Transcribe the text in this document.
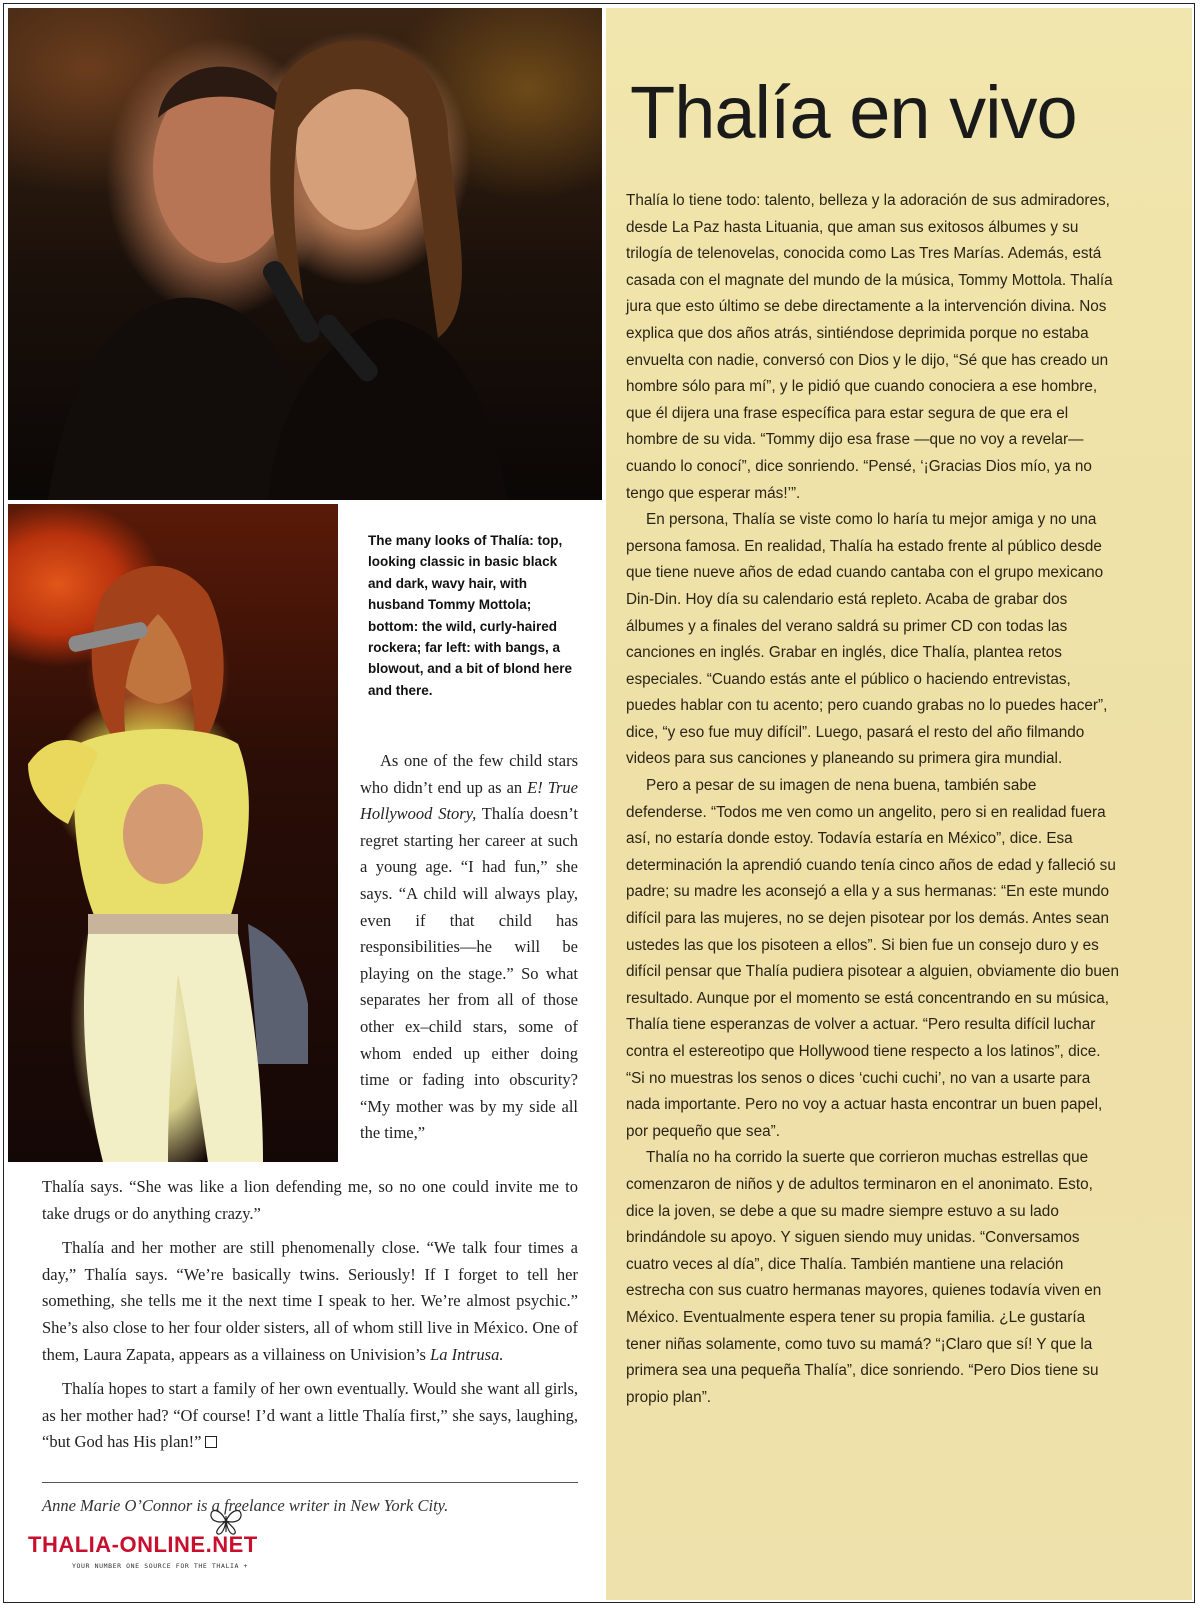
The many looks of Thalía: top, looking classic in basic black and dark, wavy hair, with husband Tommy Mottola; bottom: the wild, curly-haired rockera; far left: with bangs, a blowout, and a bit of blond here and there.
As one of the few child stars who didn’t end up as an E! True Hollywood Story, Thalía doesn’t regret starting her career at such a young age. “I had fun,” she says. “A child will always play, even if that child has responsibilities—he will be playing on the stage.” So what separates her from all of those other ex–child stars, some of whom ended up either doing time or fading into obscurity? “My mother was by my side all the time,”

Thalía says. “She was like a lion defending me, so no one could invite me to take drugs or do anything crazy.”

Thalía and her mother are still phenomenally close. “We talk four times a day,” Thalía says. “We’re basically twins. Seriously! If I forget to tell her something, she tells me it the next time I speak to her. We’re almost psychic.” She’s also close to her four older sisters, all of whom still live in México. One of them, Laura Zapata, appears as a villainess on Univision’s La Intrusa.

Thalía hopes to start a family of her own eventually. Would she want all girls, as her mother had? “Of course! I’d want a little Thalía first,” she says, laughing, “but God has His plan!”

Anne Marie O’Connor is a freelance writer in New York City.
THALIA-ONLINE.NET
YOUR NUMBER ONE SOURCE FOR THE THALIA +
Thalía en vivo

Thalía lo tiene todo: talento, belleza y la adoración de sus admiradores, desde La Paz hasta Lituania, que aman sus exitosos álbumes y su trilogía de telenovelas, conocida como Las Tres Marías. Además, está casada con el magnate del mundo de la música, Tommy Mottola. Thalía jura que esto último se debe directamente a la intervención divina. Nos explica que dos años atrás, sintiéndose deprimida porque no estaba envuelta con nadie, conversó con Dios y le dijo, “Sé que has creado un hombre sólo para mí”, y le pidió que cuando conociera a ese hombre, que él dijera una frase específica para estar segura de que era el hombre de su vida. “Tommy dijo esa frase —que no voy a revelar— cuando lo conocí”, dice sonriendo. “Pensé, ‘¡Gracias Dios mío, ya no tengo que esperar más!’”.

En persona, Thalía se viste como lo haría tu mejor amiga y no una persona famosa. En realidad, Thalía ha estado frente al público desde que tiene nueve años de edad cuando cantaba con el grupo mexicano Din-Din. Hoy día su calendario está repleto. Acaba de grabar dos álbumes y a finales del verano saldrá su primer CD con todas las canciones en inglés. Grabar en inglés, dice Thalía, plantea retos especiales. “Cuando estás ante el público o haciendo entrevistas, puedes hablar con tu acento; pero cuando grabas no lo puedes hacer”, dice, “y eso fue muy difícil”. Luego, pasará el resto del año filmando videos para sus canciones y planeando su primera gira mundial.

Pero a pesar de su imagen de nena buena, también sabe defenderse. “Todos me ven como un angelito, pero si en realidad fuera así, no estaría donde estoy. Todavía estaría en México”, dice. Esa determinación la aprendió cuando tenía cinco años de edad y falleció su padre; su madre les aconsejó a ella y a sus hermanas: “En este mundo difícil para las mujeres, no se dejen pisotear por los demás. Antes sean ustedes las que los pisoteen a ellos”. Si bien fue un consejo duro y es difícil pensar que Thalía pudiera pisotear a alguien, obviamente dio buen resultado. Aunque por el momento se está concentrando en su música, Thalía tiene esperanzas de volver a actuar. “Pero resulta difícil luchar contra el estereotipo que Hollywood tiene respecto a los latinos”, dice. “Si no muestras los senos o dices ‘cuchi cuchi’, no van a usarte para nada importante. Pero no voy a actuar hasta encontrar un buen papel, por pequeño que sea”.

Thalía no ha corrido la suerte que corrieron muchas estrellas que comenzaron de niños y de adultos terminaron en el anonimato. Esto, dice la joven, se debe a que su madre siempre estuvo a su lado brindándole su apoyo. Y siguen siendo muy unidas. “Conversamos cuatro veces al día”, dice Thalía. También mantiene una relación estrecha con sus cuatro hermanas mayores, quienes todavía viven en México. Eventualmente espera tener su propia familia. ¿Le gustaría tener niñas solamente, como tuvo su mamá? “¡Claro que sí! Y que la primera sea una pequeña Thalía”, dice sonriendo. “Pero Dios tiene su propio plan”.
